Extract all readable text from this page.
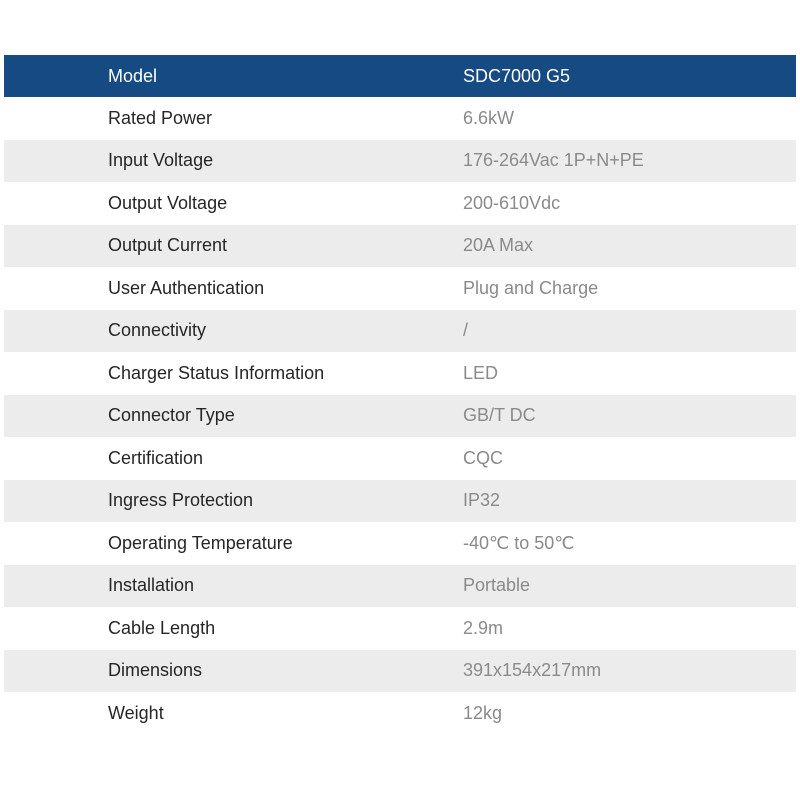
Model	SDC7000 G5
Rated Power	6.6kW
Input Voltage	176-264Vac 1P+N+PE
Output Voltage	200-610Vdc
Output Current	20A Max
User Authentication	Plug and Charge
Connectivity	/
Charger Status Information	LED
Connector Type	GB/T DC
Certification	CQC
Ingress Protection	IP32
Operating Temperature	-40℃ to 50℃
Installation	Portable
Cable Length	2.9m
Dimensions	391x154x217mm
Weight	12kg
